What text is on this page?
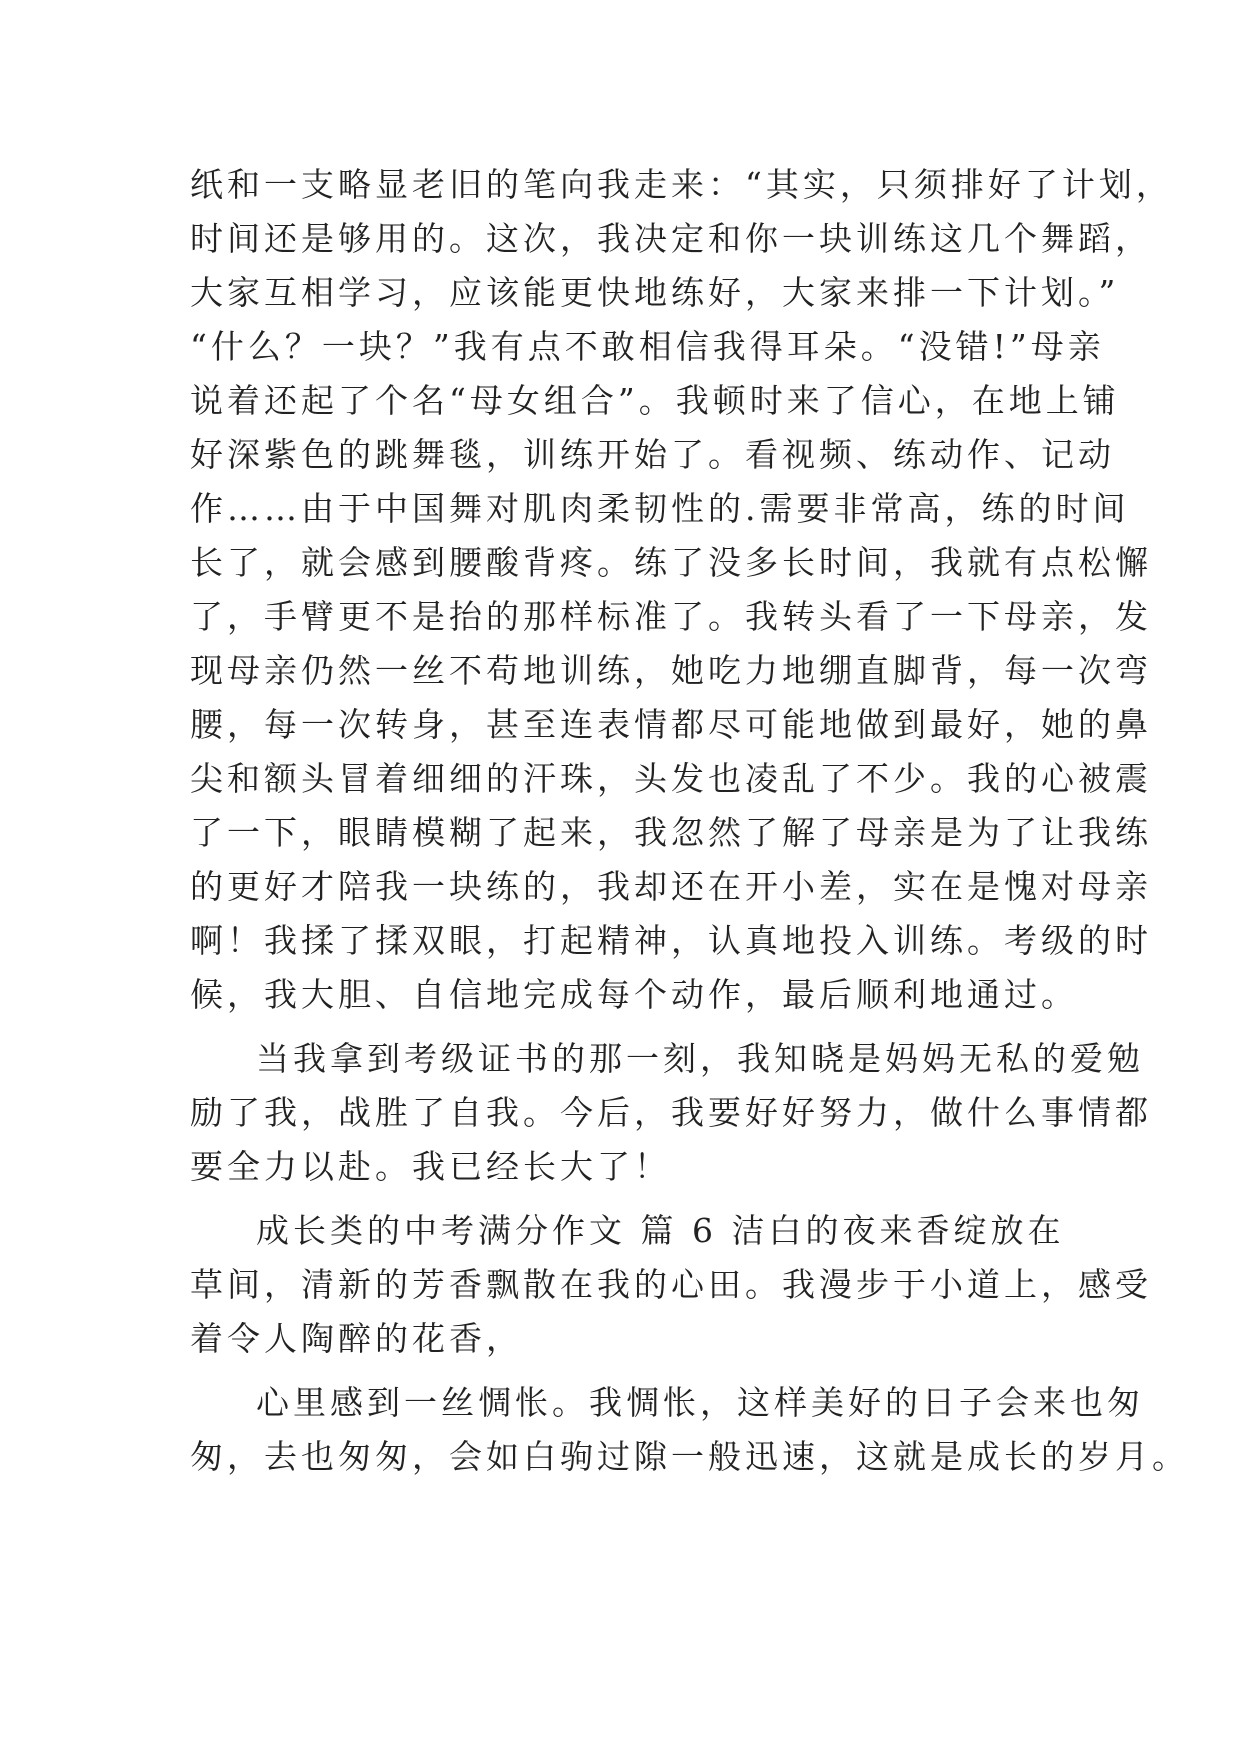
纸和一支略显老旧的笔向我走来：“其实，只须排好了计划，
时间还是够用的。这次，我决定和你一块训练这几个舞蹈，
大家互相学习，应该能更快地练好，大家来排一下计划。”
“什么？一块？”我有点不敢相信我得耳朵。“没错!”母亲
说着还起了个名“母女组合”。我顿时来了信心，在地上铺
好深紫色的跳舞毯，训练开始了。看视频、练动作、记动
作……由于中国舞对肌肉柔韧性的.需要非常高，练的时间
长了，就会感到腰酸背疼。练了没多长时间，我就有点松懈
了，手臂更不是抬的那样标准了。我转头看了一下母亲，发
现母亲仍然一丝不苟地训练，她吃力地绷直脚背，每一次弯
腰，每一次转身，甚至连表情都尽可能地做到最好，她的鼻
尖和额头冒着细细的汗珠，头发也凌乱了不少。我的心被震
了一下，眼睛模糊了起来，我忽然了解了母亲是为了让我练
的更好才陪我一块练的，我却还在开小差，实在是愧对母亲
啊！我揉了揉双眼，打起精神，认真地投入训练。考级的时
候，我大胆、自信地完成每个动作，最后顺利地通过。
当我拿到考级证书的那一刻，我知晓是妈妈无私的爱勉
励了我，战胜了自我。今后，我要好好努力，做什么事情都
要全力以赴。我已经长大了！
成长类的中考满分作文 篇 6 洁白的夜来香绽放在
草间，清新的芳香飘散在我的心田。我漫步于小道上，感受
着令人陶醉的花香，
心里感到一丝惆怅。我惆怅，这样美好的日子会来也匆
匆，去也匆匆，会如白驹过隙一般迅速，这就是成长的岁月。
